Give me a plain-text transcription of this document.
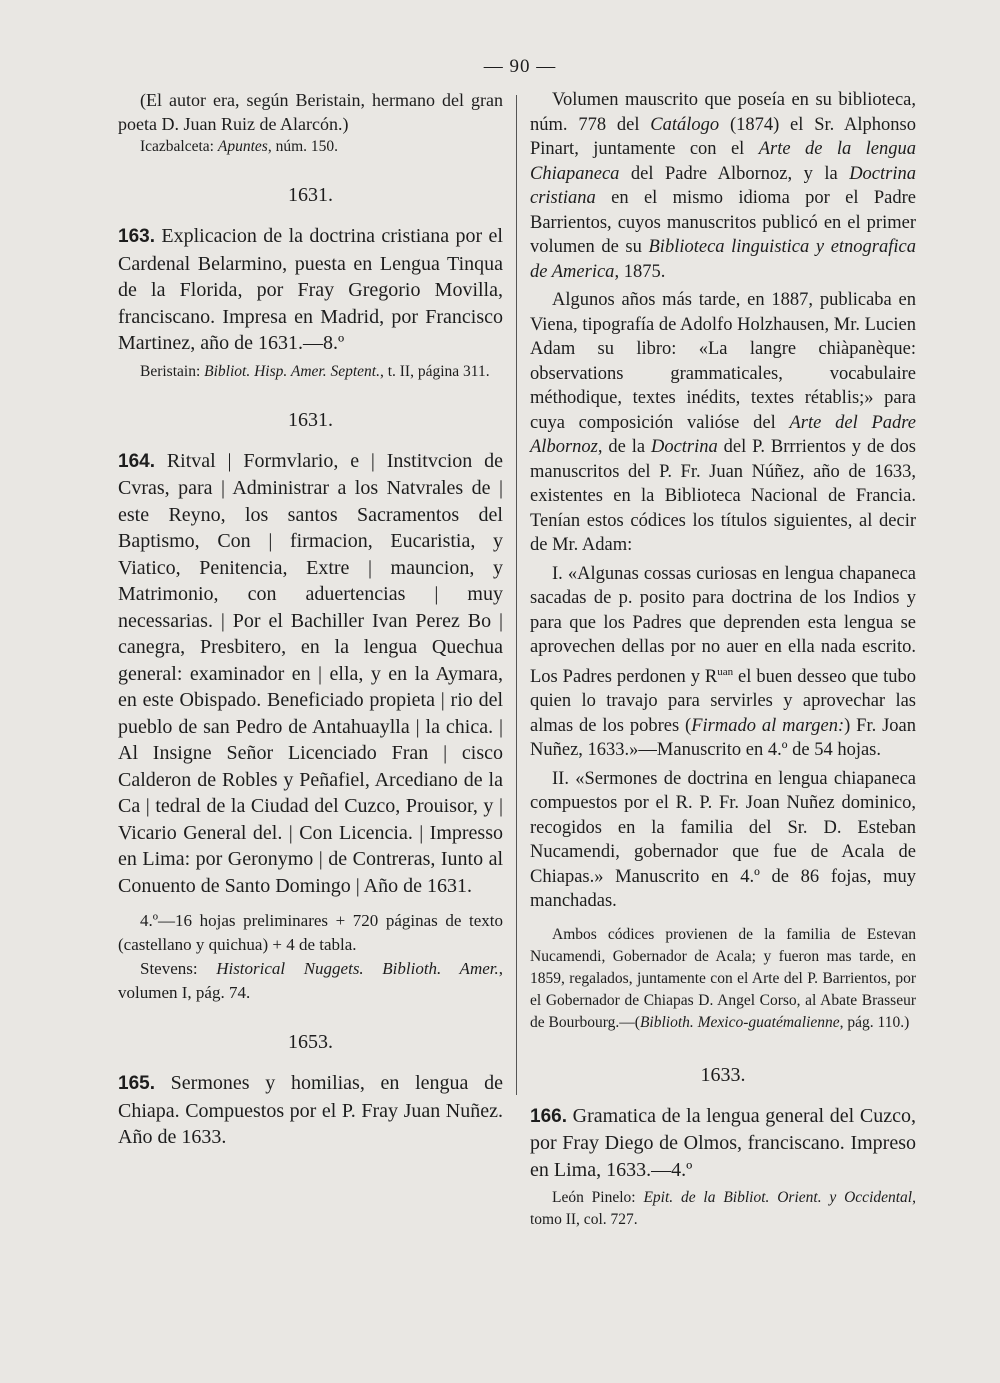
— 90 —

(El autor era, según Beristain, hermano del gran poeta D. Juan Ruiz de Alarcón.)

Icazbalceta: Apuntes, núm. 150.

1631.

163. Explicacion de la doctrina cristiana por el Cardenal Belarmino, puesta en Lengua Tinqua de la Florida, por Fray Gregorio Movilla, franciscano. Impresa en Madrid, por Francisco Martinez, año de 1631.—8.º

Beristain: Bibliot. Hisp. Amer. Septent., t. II, página 311.

1631.

164. Ritval | Formvlario, e | Institvcion de Cvras, para | Administrar a los Natvrales de | este Reyno, los santos Sacramentos del Baptismo, Con | firmacion, Eucaristia, y Viatico, Penitencia, Extre | mauncion, y Matrimonio, con aduertencias | muy necessarias. | Por el Bachiller Ivan Perez Bo | canegra, Presbitero, en la lengua Quechua general: examinador en | ella, y en la Aymara, en este Obispado. Beneficiado propieta | rio del pueblo de san Pedro de Antahuaylla | la chica. | Al Insigne Señor Licenciado Fran | cisco Calderon de Robles y Peñafiel, Arcediano de la Ca | tedral de la Ciudad del Cuzco, Prouisor, y | Vicario General del. | Con Licencia. | Impresso en Lima: por Geronymo | de Contreras, Iunto al Conuento de Santo Domingo | Año de 1631.

4.º—16 hojas preliminares + 720 páginas de texto (castellano y quichua) + 4 de tabla.

Stevens: Historical Nuggets. Biblioth. Amer., volumen I, pág. 74.

1653.

165. Sermones y homilias, en lengua de Chiapa. Compuestos por el P. Fray Juan Nuñez. Año de 1633.

Volumen mauscrito que poseía en su biblioteca, núm. 778 del Catálogo (1874) el Sr. Alphonso Pinart, juntamente con el Arte de la lengua Chiapaneca del Padre Albornoz, y la Doctrina cristiana en el mismo idioma por el Padre Barrientos, cuyos manuscritos publicó en el primer volumen de su Biblioteca linguistica y etnografica de America, 1875.

Algunos años más tarde, en 1887, publicaba en Viena, tipografía de Adolfo Holzhausen, Mr. Lucien Adam su libro: «La langre chiàpanèque: observations grammaticales, vocabulaire méthodique, textes inédits, textes rétablis;» para cuya composición valióse del Arte del Padre Albornoz, de la Doctrina del P. Brrrientos y de dos manuscritos del P. Fr. Juan Núñez, año de 1633, existentes en la Biblioteca Nacional de Francia. Tenían estos códices los títulos siguientes, al decir de Mr. Adam:

I. «Algunas cossas curiosas en lengua chapaneca sacadas de p. posito para doctrina de los Indios y para que los Padres que deprenden esta lengua se aprovechen dellas por no auer en ella nada escrito. Los Padres perdonen y $R^{uan}$ el buen desseo que tubo quien lo travajo para servirles y aprovechar las almas de los pobres (Firmado al margen:) Fr. Joan Nuñez, 1633.»—Manuscrito en 4.º de 54 hojas.

II. «Sermones de doctrina en lengua chiapaneca compuestos por el R. P. Fr. Joan Nuñez dominico, recogidos en la familia del Sr. D. Esteban Nucamendi, gobernador que fue de Acala de Chiapas.» Manuscrito en 4.º de 86 fojas, muy manchadas.

Ambos códices provienen de la familia de Estevan Nucamendi, Gobernador de Acala; y fueron mas tarde, en 1859, regalados, juntamente con el Arte del P. Barrientos, por el Gobernador de Chiapas D. Angel Corso, al Abate Brasseur de Bourbourg.—(Biblioth. Mexico-guatémalienne, pág. 110.)

1633.

166. Gramatica de la lengua general del Cuzco, por Fray Diego de Olmos, franciscano. Impreso en Lima, 1633.—4.º

León Pinelo: Epit. de la Bibliot. Orient. y Occidental, tomo II, col. 727.
